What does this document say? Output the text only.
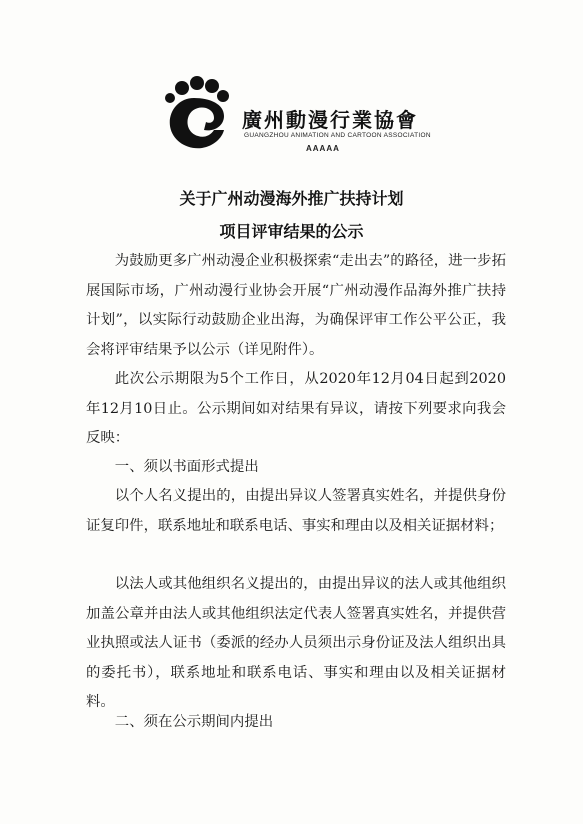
廣州動漫行業協會
GUANGZHOU ANIMATION AND CARTOON ASSOCIATION
AAAAA
关于广州动漫海外推广扶持计划
项目评审结果的公示

为鼓励更多广州动漫企业积极探索“走出去”的路径，进一步拓展国际市场，广州动漫行业协会开展“广州动漫作品海外推广扶持计划”，以实际行动鼓励企业出海，为确保评审工作公平公正，我会将评审结果予以公示（详见附件）。

此次公示期限为5个工作日，从2020年12月04日起到2020年12月10日止。公示期间如对结果有异议，请按下列要求向我会反映：

一、须以书面形式提出

以个人名义提出的，由提出异议人签署真实姓名，并提供身份证复印件，联系地址和联系电话、事实和理由以及相关证据材料；

以法人或其他组织名义提出的，由提出异议的法人或其他组织加盖公章并由法人或其他组织法定代表人签署真实姓名，并提供营业执照或法人证书（委派的经办人员须出示身份证及法人组织出具的委托书），联系地址和联系电话、事实和理由以及相关证据材料。

二、须在公示期间内提出
